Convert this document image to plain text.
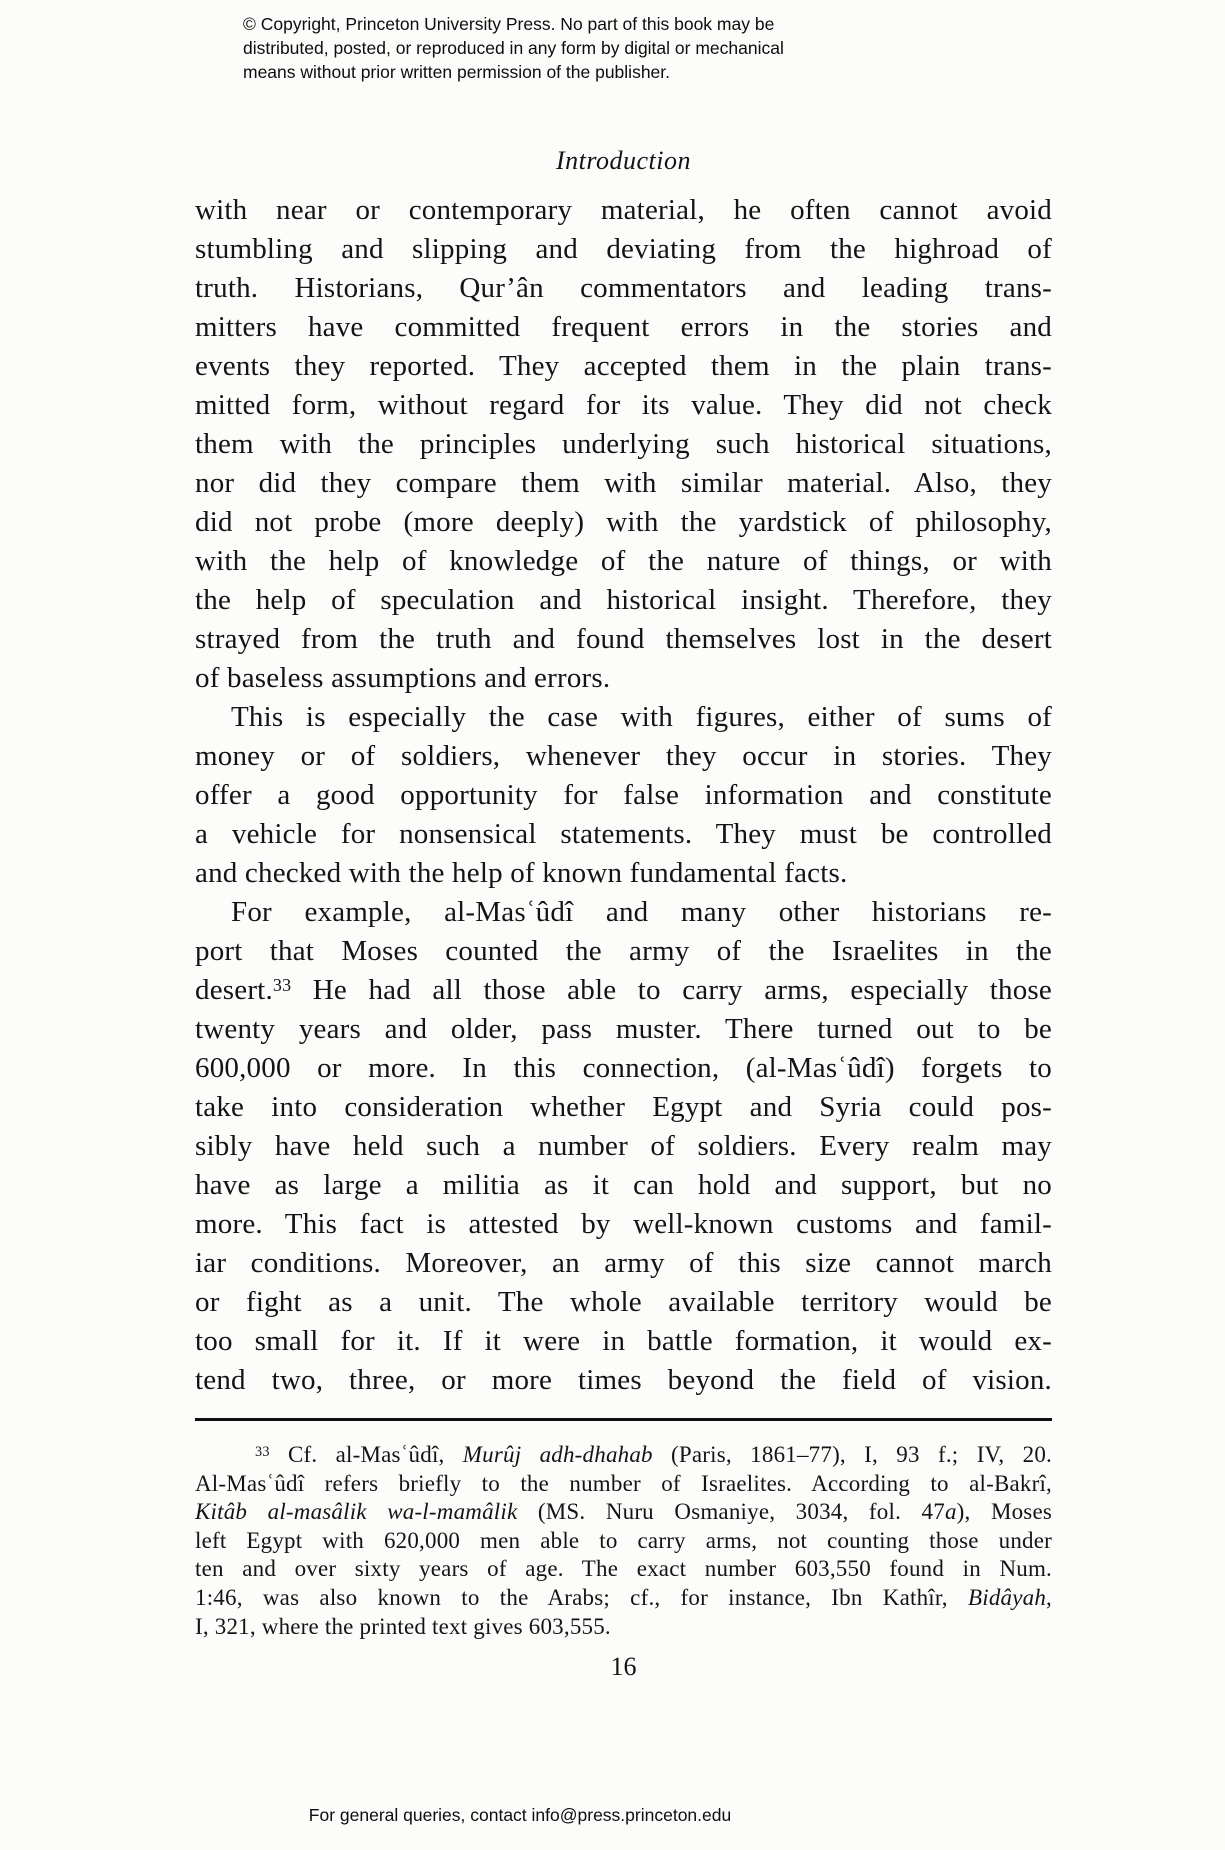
© Copyright, Princeton University Press. No part of this book may be
distributed, posted, or reproduced in any form by digital or mechanical
means without prior written permission of the publisher.
Introduction
with near or contemporary material, he often cannot avoid
stumbling and slipping and deviating from the highroad of
truth. Historians, Qur’ân commentators and leading trans-
mitters have committed frequent errors in the stories and
events they reported. They accepted them in the plain trans-
mitted form, without regard for its value. They did not check
them with the principles underlying such historical situations,
nor did they compare them with similar material. Also, they
did not probe (more deeply) with the yardstick of philosophy,
with the help of knowledge of the nature of things, or with
the help of speculation and historical insight. Therefore, they
strayed from the truth and found themselves lost in the desert
of baseless assumptions and errors.
This is especially the case with figures, either of sums of
money or of soldiers, whenever they occur in stories. They
offer a good opportunity for false information and constitute
a vehicle for nonsensical statements. They must be controlled
and checked with the help of known fundamental facts.
For example, al-Masʿûdî and many other historians re-
port that Moses counted the army of the Israelites in the
desert.$^{33}$ He had all those able to carry arms, especially those
twenty years and older, pass muster. There turned out to be
600,000 or more. In this connection, (al-Masʿûdî) forgets to
take into consideration whether Egypt and Syria could pos-
sibly have held such a number of soldiers. Every realm may
have as large a militia as it can hold and support, but no
more. This fact is attested by well-known customs and famil-
iar conditions. Moreover, an army of this size cannot march
or fight as a unit. The whole available territory would be
too small for it. If it were in battle formation, it would ex-
tend two, three, or more times beyond the field of vision.
$^{33}$ Cf. al-Masʿûdî, Murûj adh-dhahab (Paris, 1861–77), I, 93 f.; IV, 20.
Al-Masʿûdî refers briefly to the number of Israelites. According to al-Bakrî,
Kitâb al-masâlik wa-l-mamâlik (MS. Nuru Osmaniye, 3034, fol. 47a), Moses
left Egypt with 620,000 men able to carry arms, not counting those under
ten and over sixty years of age. The exact number 603,550 found in Num.
1:46, was also known to the Arabs; cf., for instance, Ibn Kathîr, Bidâyah,
I, 321, where the printed text gives 603,555.
16
For general queries, contact info@press.princeton.edu
